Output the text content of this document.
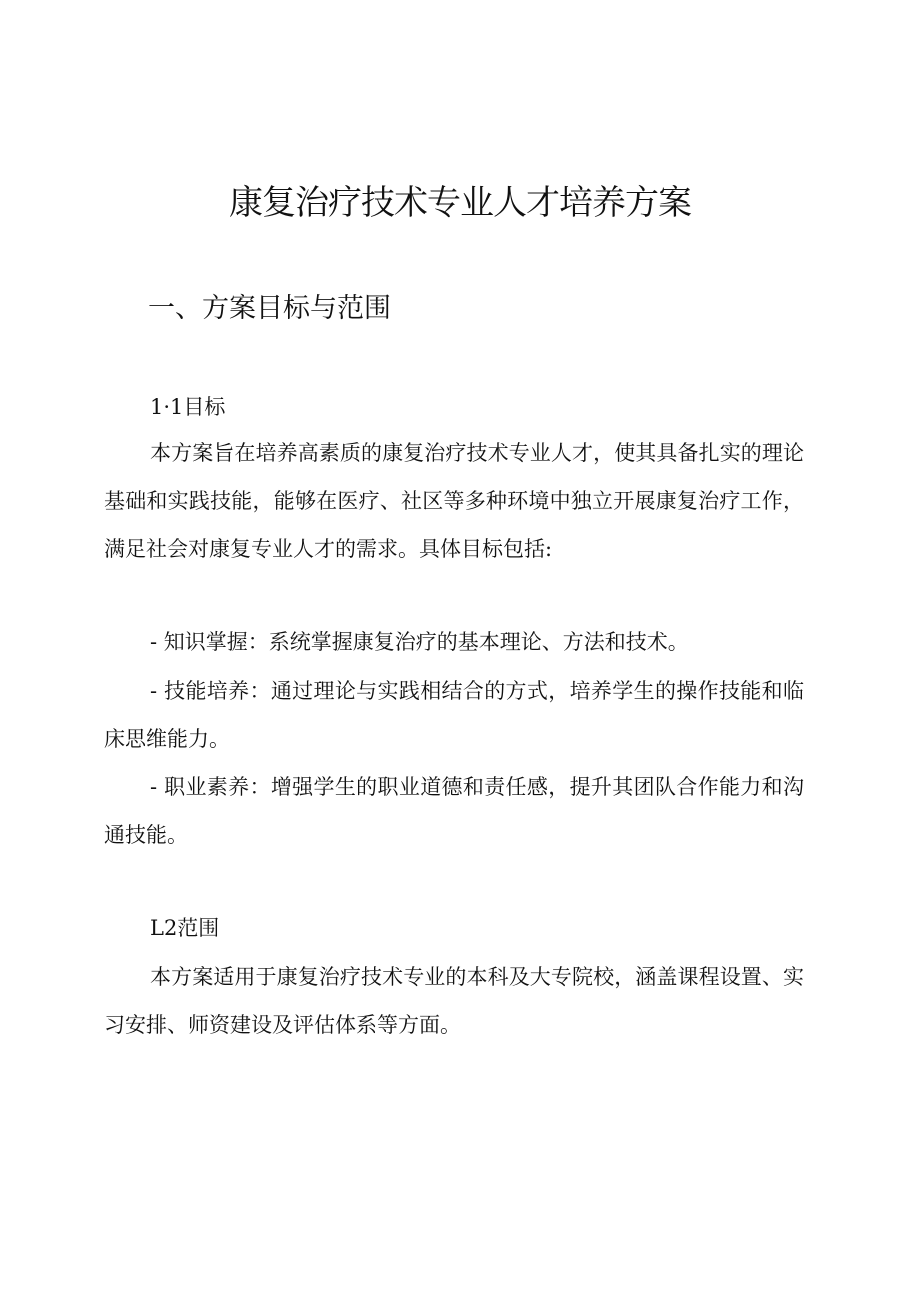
康复治疗技术专业人才培养方案
一、方案目标与范围
1·1目标

本方案旨在培养高素质的康复治疗技术专业人才，使其具备扎实的理论基础和实践技能，能够在医疗、社区等多种环境中独立开展康复治疗工作，满足社会对康复专业人才的需求。具体目标包括:

- 知识掌握：系统掌握康复治疗的基本理论、方法和技术。

- 技能培养：通过理论与实践相结合的方式，培养学生的操作技能和临床思维能力。

- 职业素养：增强学生的职业道德和责任感，提升其团队合作能力和沟通技能。

L2范围

本方案适用于康复治疗技术专业的本科及大专院校，涵盖课程设置、实习安排、师资建设及评估体系等方面。
